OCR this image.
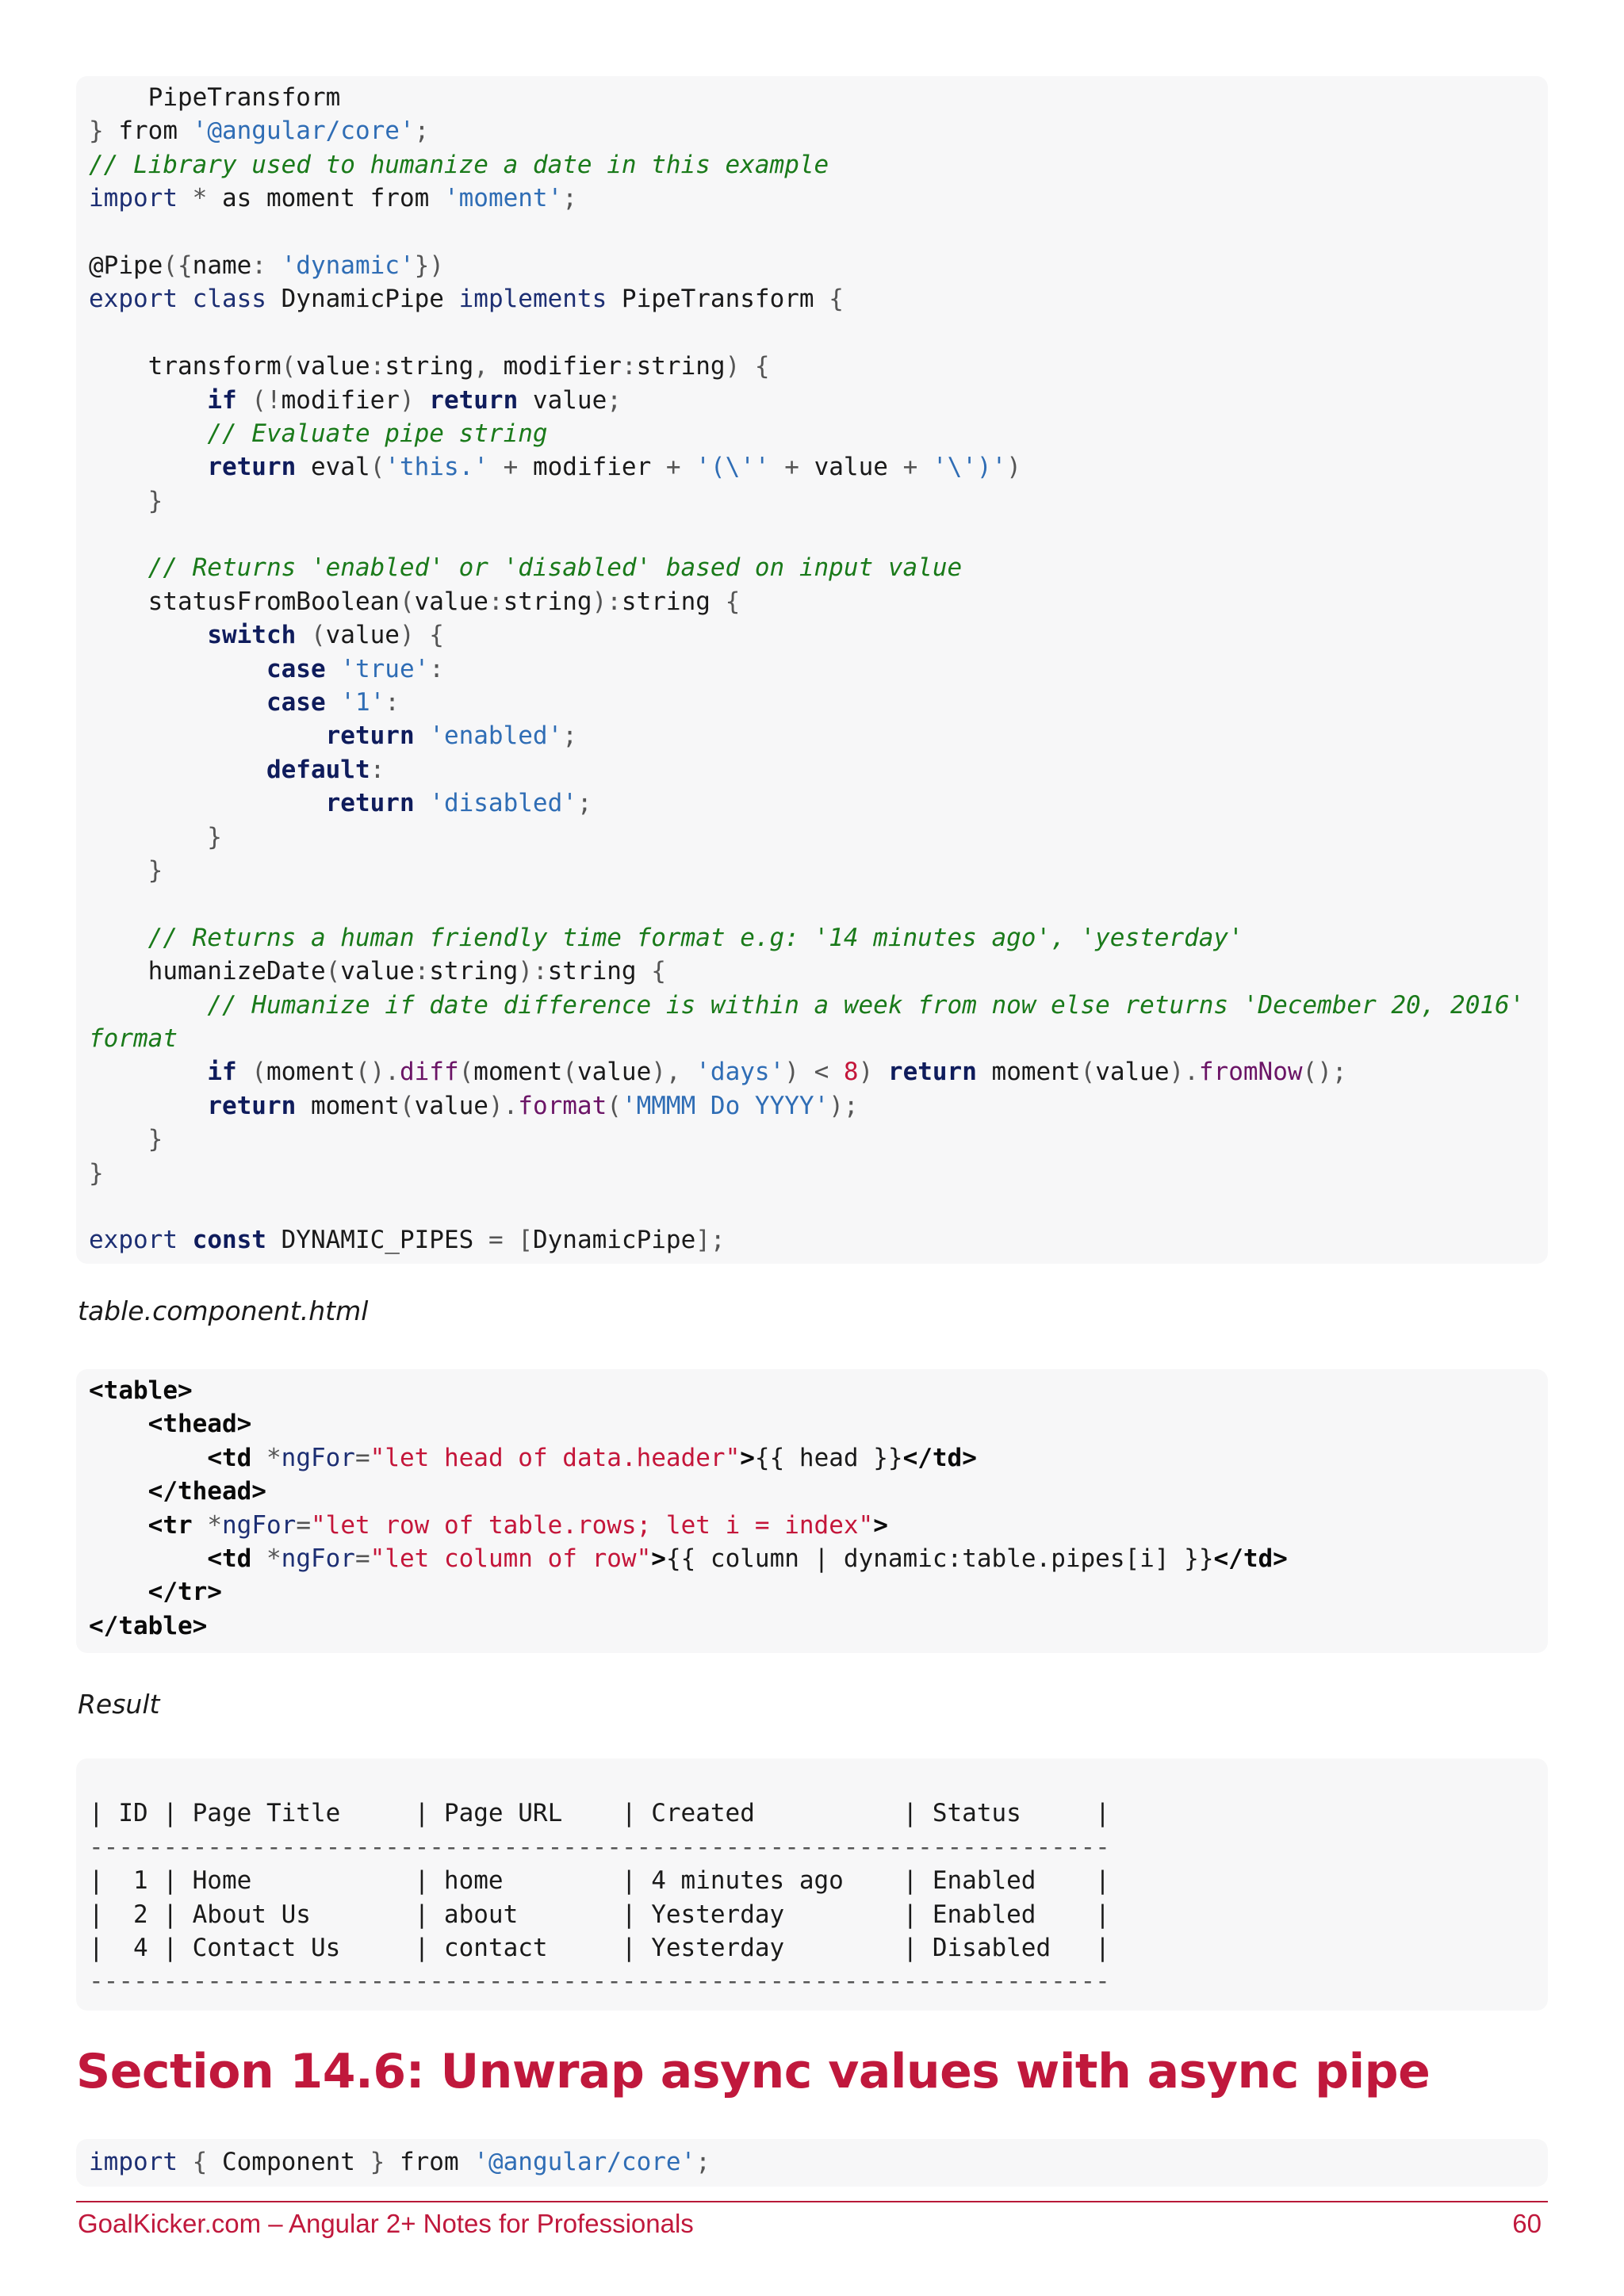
PipeTransform
} from '@angular/core';
// Library used to humanize a date in this example
import * as moment from 'moment';
@Pipe({name: 'dynamic'})
export class DynamicPipe implements PipeTransform {
transform(value:string, modifier:string) {
if (!modifier) return value;
// Evaluate pipe string
return eval('this.' + modifier + '(\'' + value + '\')')
}
// Returns 'enabled' or 'disabled' based on input value
statusFromBoolean(value:string):string {
switch (value) {
case 'true':
case '1':
return 'enabled';
default:
return 'disabled';
}
}
// Returns a human friendly time format e.g: '14 minutes ago', 'yesterday'
humanizeDate(value:string):string {
// Humanize if date difference is within a week from now else returns 'December 20, 2016'
format
if (moment().diff(moment(value), 'days') < 8) return moment(value).fromNow();
return moment(value).format('MMMM Do YYYY');
}
}
export const DYNAMIC_PIPES = [DynamicPipe];
table.component.html
<table>
<thead>
<td *ngFor="let head of data.header">{{ head }}</td>
</thead>
<tr *ngFor="let row of table.rows; let i = index">
<td *ngFor="let column of row">{{ column | dynamic:table.pipes[i] }}</td>
</tr>
</table>
Result
| ID | Page Title     | Page URL    | Created          | Status     |
---------------------------------------------------------------------
|  1 | Home           | home        | 4 minutes ago    | Enabled    |
|  2 | About Us       | about       | Yesterday        | Enabled    |
|  4 | Contact Us     | contact     | Yesterday        | Disabled   |
---------------------------------------------------------------------
Section 14.6: Unwrap async values with async pipe
import { Component } from '@angular/core';
GoalKicker.com – Angular 2+ Notes for Professionals	60
